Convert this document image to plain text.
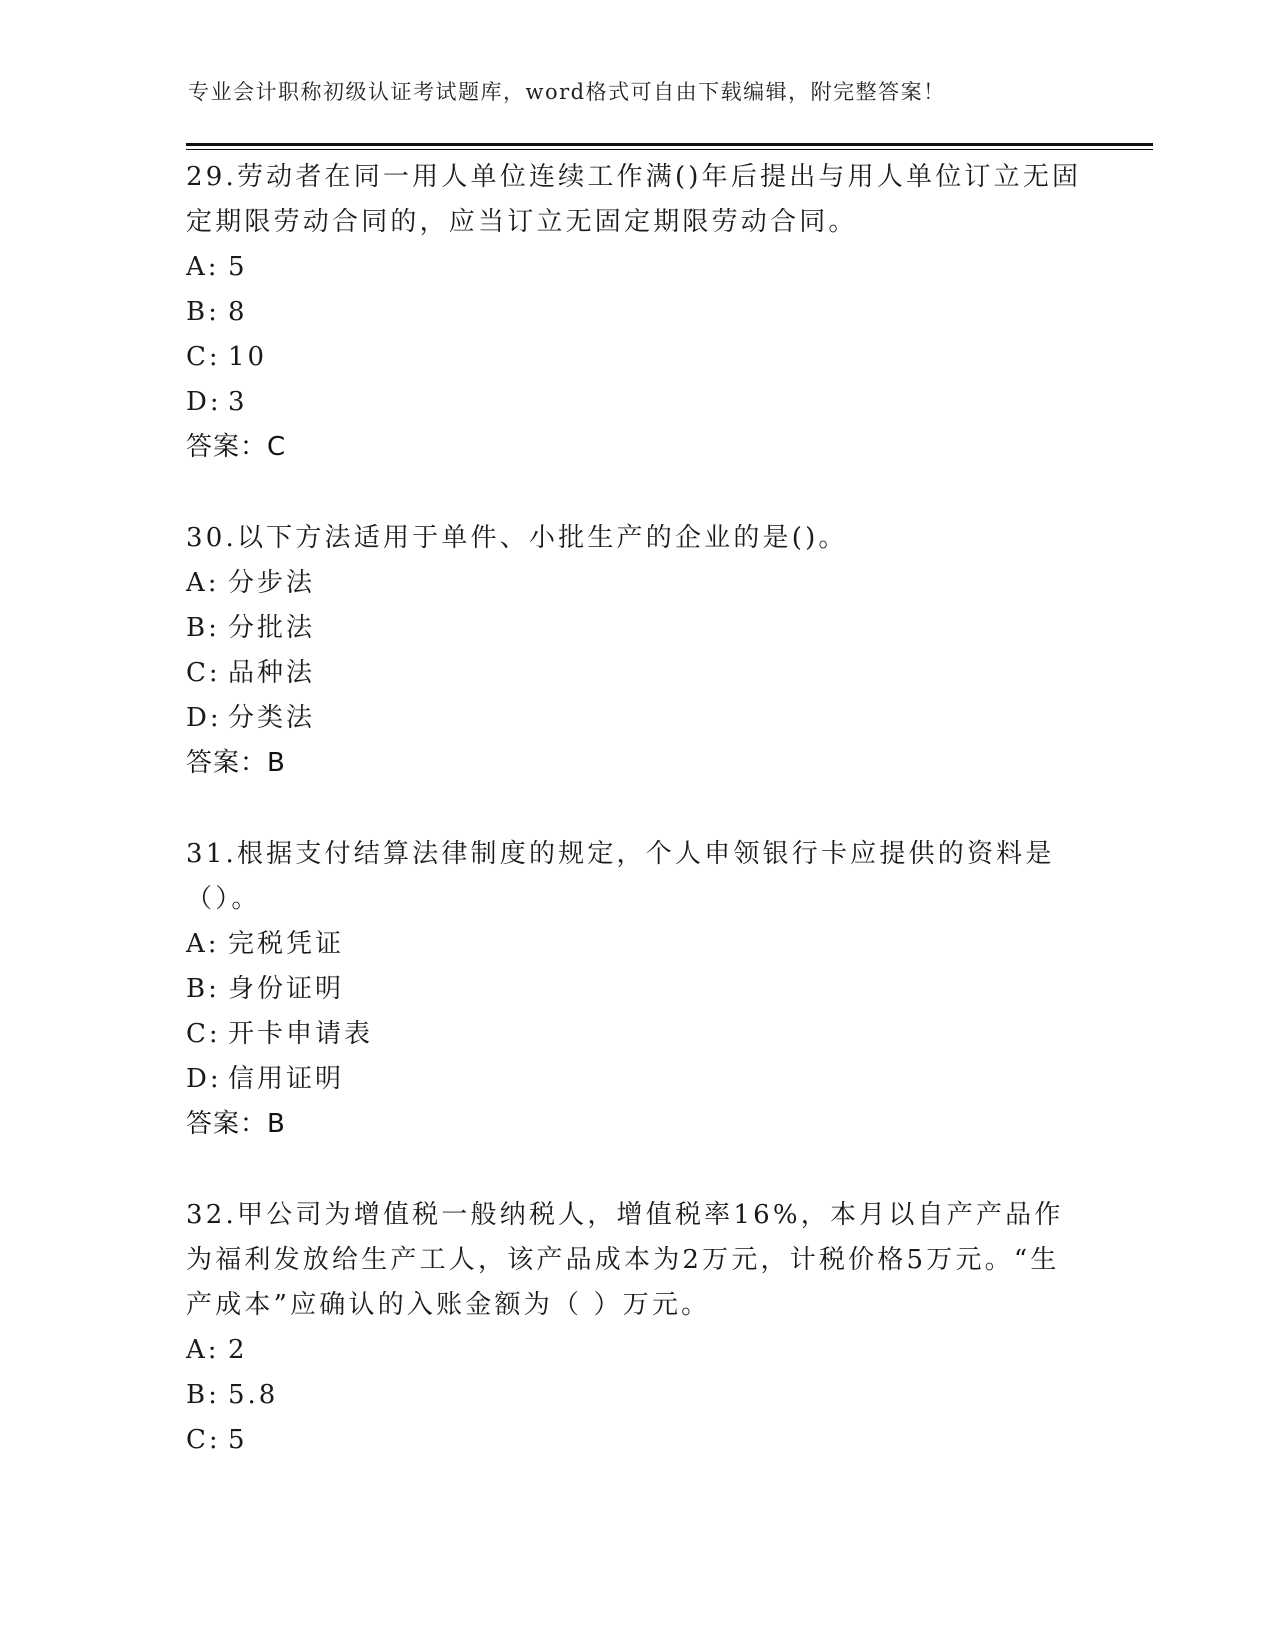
专业会计职称初级认证考试题库，word格式可自由下载编辑，附完整答案！

29.劳动者在同一用人单位连续工作满()年后提出与用人单位订立无固定期限劳动合同的，应当订立无固定期限劳动合同。

A: 5

B: 8

C: 10

D: 3

答案：C

30.以下方法适用于单件、小批生产的企业的是()。

A: 分步法

B: 分批法

C: 品种法

D: 分类法

答案：B

31.根据支付结算法律制度的规定，个人申领银行卡应提供的资料是（）。

A: 完税凭证

B: 身份证明

C: 开卡申请表

D: 信用证明

答案：B

32.甲公司为增值税一般纳税人，增值税率16%，本月以自产产品作为福利发放给生产工人，该产品成本为2万元，计税价格5万元。“生产成本”应确认的入账金额为（ ）万元。

A: 2

B: 5.8

C: 5
